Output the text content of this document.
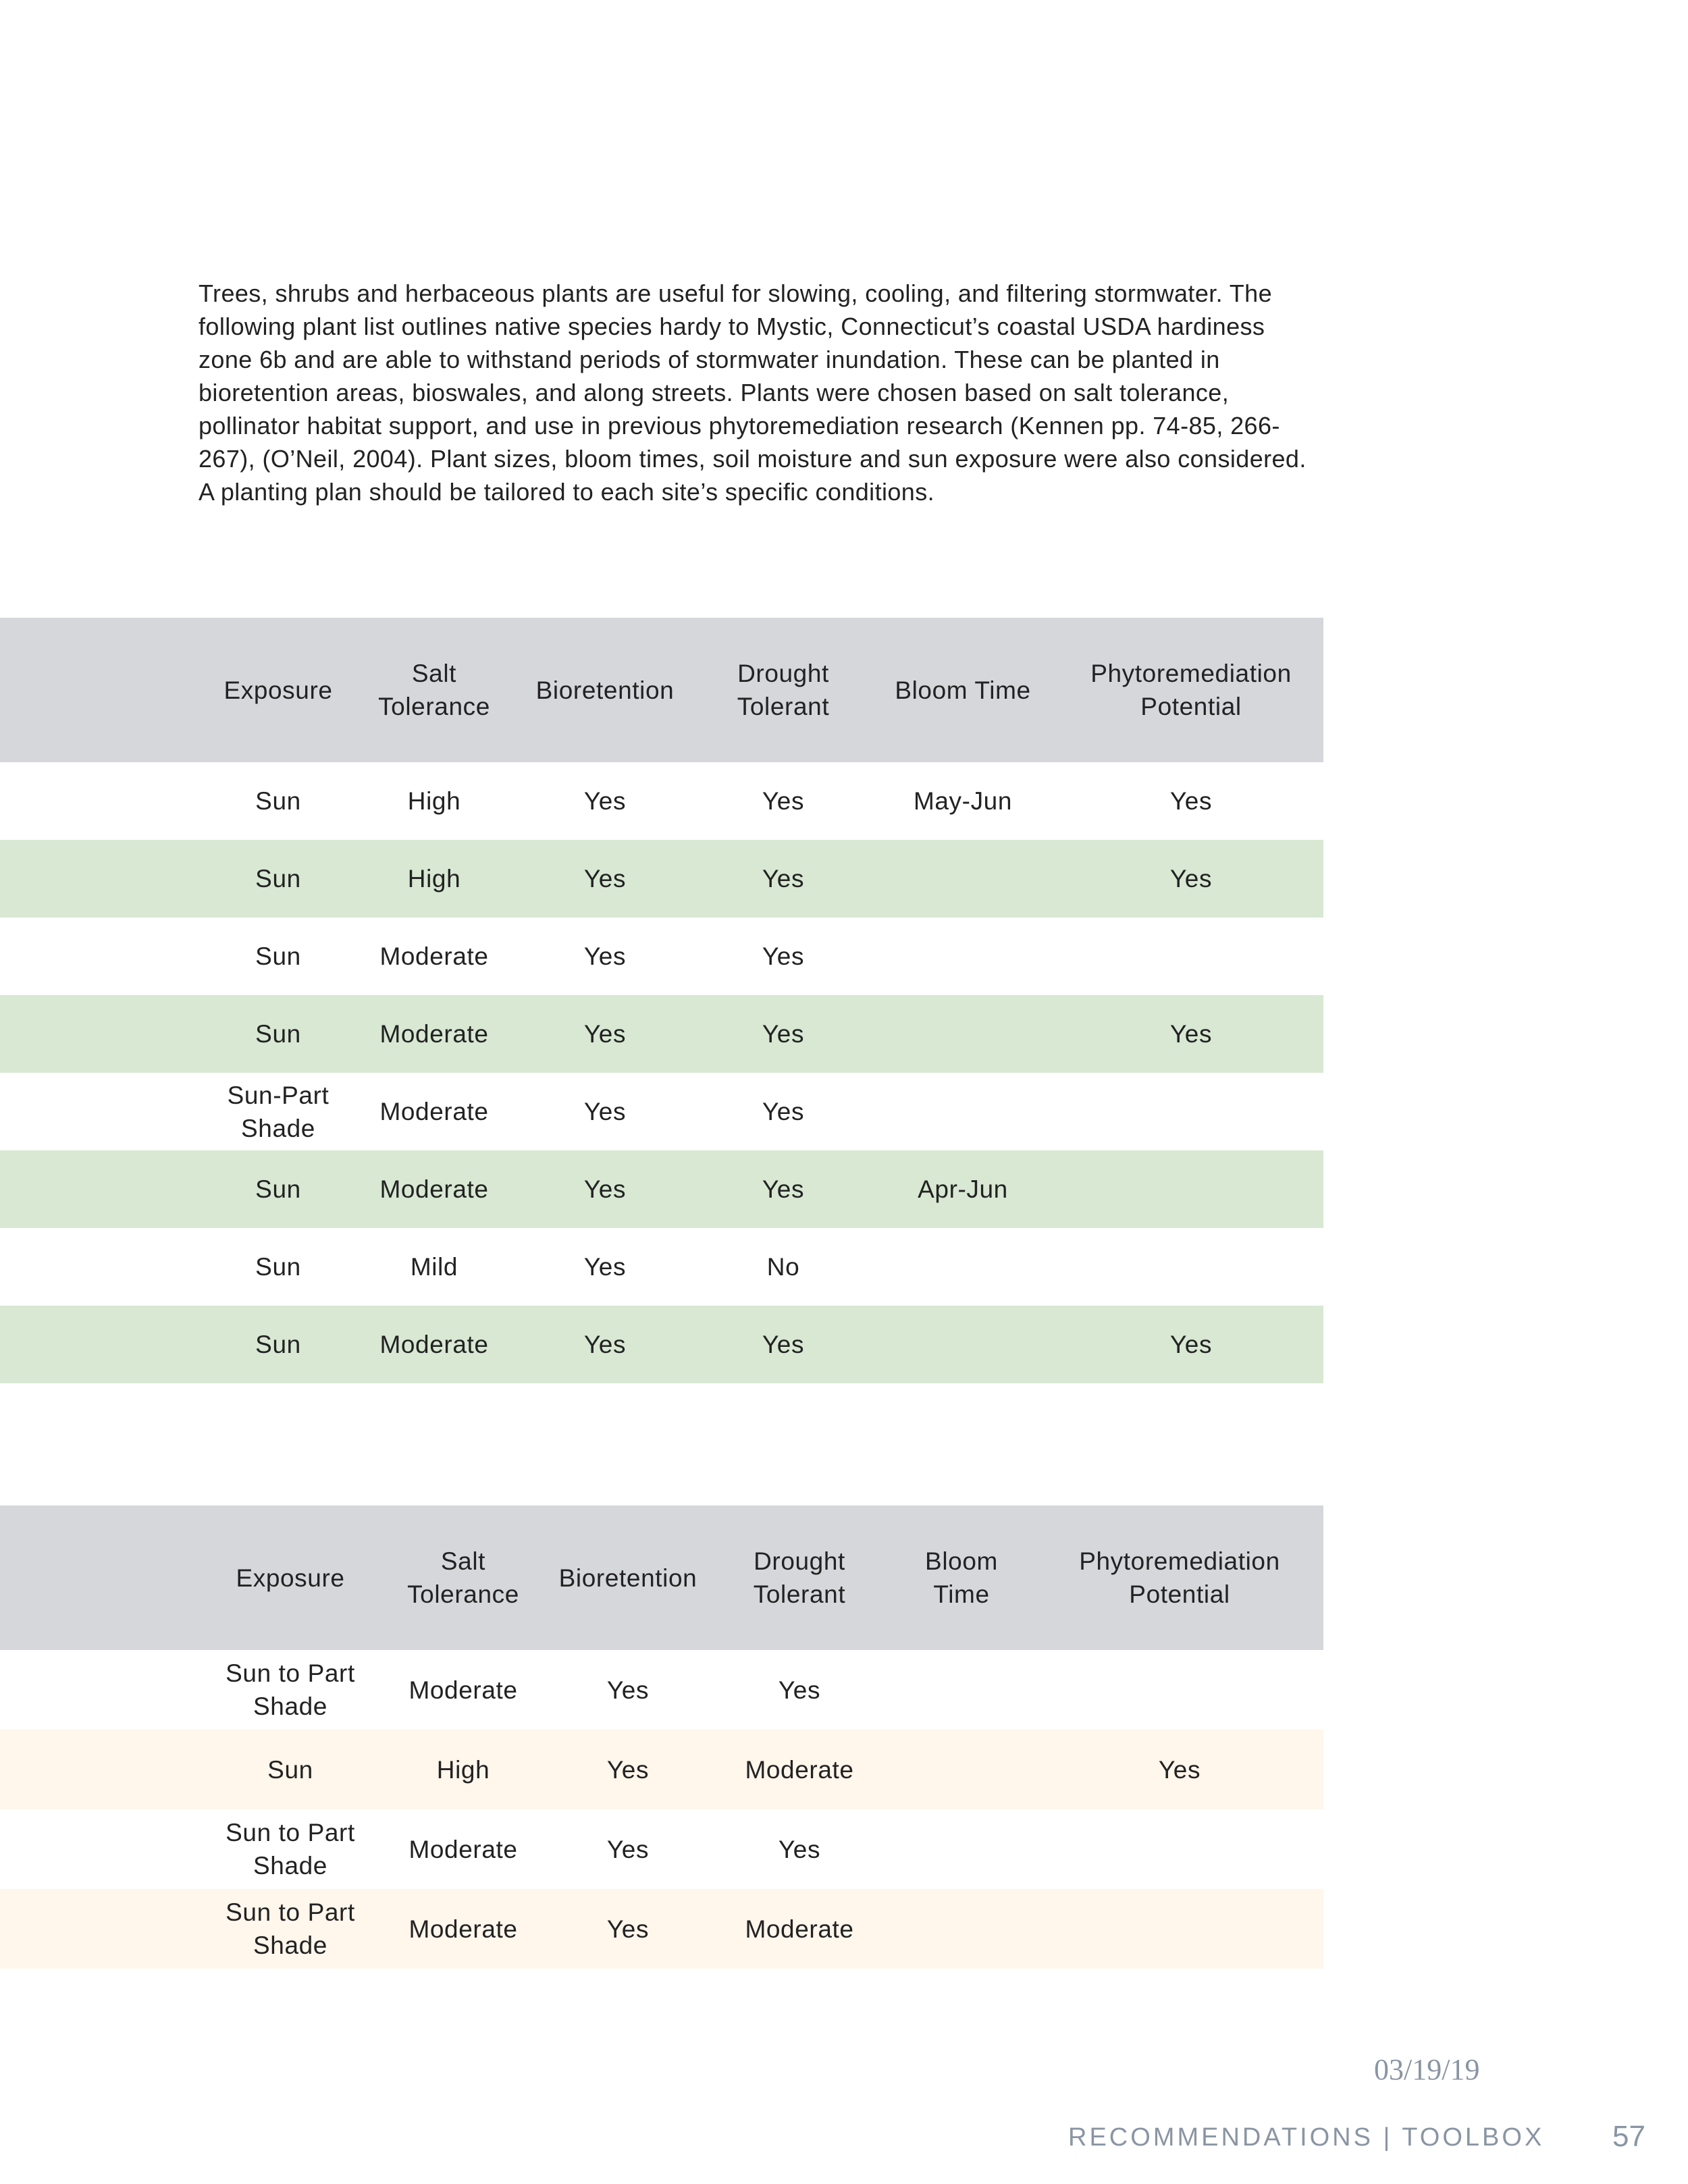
Trees, shrubs and herbaceous plants are useful for slowing, cooling, and filtering stormwater. The following plant list outlines native species hardy to Mystic, Connecticut’s coastal USDA hardiness zone 6b and are able to withstand periods of stormwater inundation. These can be planted in bioretention areas, bioswales, and along streets. Plants were chosen based on salt tolerance, pollinator habitat support, and use in previous phytoremediation research (Kennen pp. 74-85, 266-267), (O’Neil, 2004). Plant sizes, bloom times, soil moisture and sun exposure were also considered. A planting plan should be tailored to each site’s specific conditions.

	Exposure	Salt Tolerance	Bioretention	Drought Tolerant	Bloom Time	Phytoremediation Potential
	Sun	High	Yes	Yes	May-Jun	Yes
	Sun	High	Yes	Yes		Yes
	Sun	Moderate	Yes	Yes		
	Sun	Moderate	Yes	Yes		Yes
	Sun-Part Shade	Moderate	Yes	Yes		
	Sun	Moderate	Yes	Yes	Apr-Jun	
	Sun	Mild	Yes	No		
	Sun	Moderate	Yes	Yes		Yes
	Exposure	Salt Tolerance	Bioretention	Drought Tolerant	Bloom Time	Phytoremediation Potential
	Sun to Part Shade	Moderate	Yes	Yes		
	Sun	High	Yes	Moderate		Yes
	Sun to Part Shade	Moderate	Yes	Yes		
	Sun to Part Shade	Moderate	Yes	Moderate		
03/19/19
RECOMMENDATIONS | TOOLBOX 57
